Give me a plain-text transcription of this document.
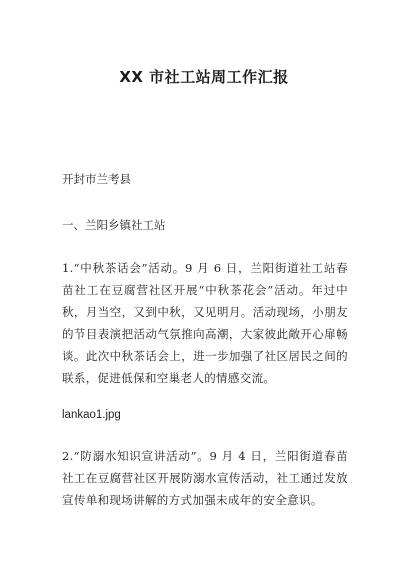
XX 市社工站周工作汇报
开封市兰考县
一、兰阳乡镇社工站
1.“中秋茶话会”活动。9 月 6 日，兰阳街道社工站春苗社工在豆腐营社区开展“中秋茶花会”活动。年过中秋，月当空，又到中秋，又见明月。活动现场，小朋友的节目表演把活动气氛推向高潮，大家彼此敞开心扉畅谈。此次中秋茶话会上，进一步加强了社区居民之间的联系，促进低保和空巢老人的情感交流。
lankao1.jpg
2.“防溺水知识宣讲活动”。9 月 4 日，兰阳街道春苗社工在豆腐营社区开展防溺水宣传活动，社工通过发放宣传单和现场讲解的方式加强未成年的安全意识。
